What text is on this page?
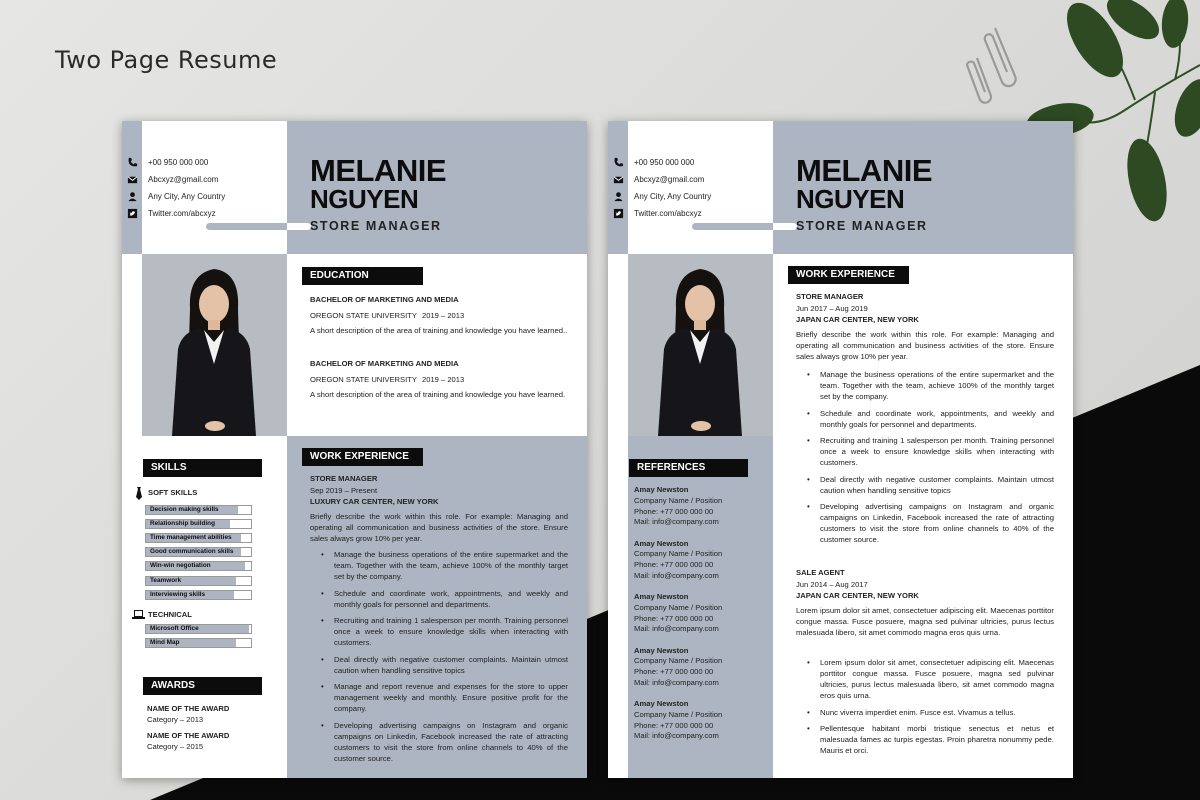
Two Page Resume
+00 950 000 000
Abcxyz@gmail.com
Any City, Any Country
Twitter.com/abcxyz
MELANIE
NGUYEN
STORE MANAGER
EDUCATION
BACHELOR OF MARKETING AND MEDIA
OREGON STATE UNIVERSITY 2019 – 2013
A short description of the area of training and knowledge you have learned..
BACHELOR OF MARKETING AND MEDIA
OREGON STATE UNIVERSITY 2019 – 2013
A short description of the area of training and knowledge you have learned.
WORK EXPERIENCE
STORE MANAGER
Sep 2019 – Present
LUXURY CAR CENTER, NEW YORK
Briefly describe the work within this role. For example: Managing and operating all communication and business activities of the store. Ensure sales always grow 10% per year.
• Manage the business operations of the entire supermarket and the team. Together with the team, achieve 100% of the monthly target set by the company.
• Schedule and coordinate work, appointments, and weekly and monthly goals for personnel and departments.
• Recruiting and training 1 salesperson per month. Training personnel once a week to ensure knowledge skills when interacting with customers.
• Deal directly with negative customer complaints. Maintain utmost caution when handling sensitive topics
• Manage and report revenue and expenses for the store to upper management weekly and monthly. Ensure positive profit for the company.
• Developing advertising campaigns on Instagram and organic campaigns on Linkedin, Facebook increased the rate of attracting customers to visit the store from online channels to 40% of the customer source.
SKILLS
SOFT SKILLS
Decision making skills
Relationship building
Time management abilities
Good communication skills
Win-win negotiation
Teamwork
Interviewing skills
TECHNICAL
Microsoft Office
Mind Map
AWARDS
NAME OF THE AWARD
Category – 2013
NAME OF THE AWARD
Category – 2015
+00 950 000 000
Abcxyz@gmail.com
Any City, Any Country
Twitter.com/abcxyz
MELANIE
NGUYEN
STORE MANAGER
WORK EXPERIENCE
STORE MANAGER
Jun 2017 – Aug 2019
JAPAN CAR CENTER, NEW YORK
Briefly describe the work within this role. For example: Managing and operating all communication and business activities of the store. Ensure sales always grow 10% per year.
• Manage the business operations of the entire supermarket and the team. Together with the team, achieve 100% of the monthly target set by the company.
• Schedule and coordinate work, appointments, and weekly and monthly goals for personnel and departments.
• Recruiting and training 1 salesperson per month. Training personnel once a week to ensure knowledge skills when interacting with customers.
• Deal directly with negative customer complaints. Maintain utmost caution when handling sensitive topics
• Developing advertising campaigns on Instagram and organic campaigns on Linkedin, Facebook increased the rate of attracting customers to visit the store from online channels to 40% of the customer source.
SALE AGENT
Jun 2014 – Aug 2017
JAPAN CAR CENTER, NEW YORK
Lorem ipsum dolor sit amet, consectetuer adipiscing elit. Maecenas porttitor congue massa. Fusce posuere, magna sed pulvinar ultricies, purus lectus malesuada libero, sit amet commodo magna eros quis urna.
• Lorem ipsum dolor sit amet, consectetuer adipiscing elit. Maecenas porttitor congue massa. Fusce posuere, magna sed pulvinar ultricies, purus lectus malesuada libero, sit amet commodo magna eros quis urna.
• Nunc viverra imperdiet enim. Fusce est. Vivamus a tellus.
• Pellentesque habitant morbi tristique senectus et netus et malesuada fames ac turpis egestas. Proin pharetra nonummy pede. Mauris et orci.
REFERENCES
Amay Newston
Company Name / Position
Phone: +77 000 000 00
Mail: info@company.com
Amay Newston
Company Name / Position
Phone: +77 000 000 00
Mail: info@company.com
Amay Newston
Company Name / Position
Phone: +77 000 000 00
Mail: info@company.com
Amay Newston
Company Name / Position
Phone: +77 000 000 00
Mail: info@company.com
Amay Newston
Company Name / Position
Phone: +77 000 000 00
Mail: info@company.com
